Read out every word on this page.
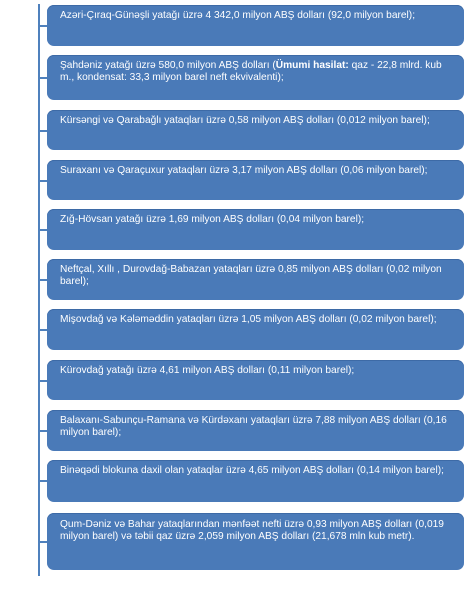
Azəri-Çıraq-Günəşli yatağı üzrə 4 342,0 milyon ABŞ dolları (92,0 milyon barel);
Şahdəniz yatağı üzrə 580,0 milyon ABŞ dolları (Ümumi hasilat: qaz - 22,8 mlrd. kub m., kondensat: 33,3 milyon barel neft ekvivalenti);
Kürsəngi və Qarabağlı yataqları üzrə 0,58 milyon ABŞ dolları (0,012 milyon barel);
Suraxanı və Qaraçuxur yataqları üzrə 3,17 milyon ABŞ dolları (0,06 milyon barel);
Zığ-Hövsan yatağı üzrə 1,69 milyon ABŞ dolları (0,04 milyon barel);
Neftçal, Xıllı , Durovdağ-Babazan yataqları üzrə 0,85 milyon ABŞ dolları (0,02 milyon barel);
Mişovdağ və Kələməddin yataqları üzrə 1,05 milyon ABŞ dolları (0,02 milyon barel);
Kürovdağ yatağı üzrə 4,61 milyon ABŞ dolları (0,11 milyon barel);
Balaxanı-Sabunçu-Ramana və Kürdəxanı yataqları üzrə 7,88 milyon ABŞ dolları (0,16 milyon barel);
Binəqədi blokuna daxil olan yataqlar üzrə 4,65 milyon ABŞ dolları (0,14 milyon barel);
Qum-Dəniz və Bahar yataqlarından mənfəət nefti üzrə 0,93 milyon ABŞ dolları (0,019 milyon barel) və təbii qaz üzrə 2,059 milyon ABŞ dolları (21,678 mln kub metr).
